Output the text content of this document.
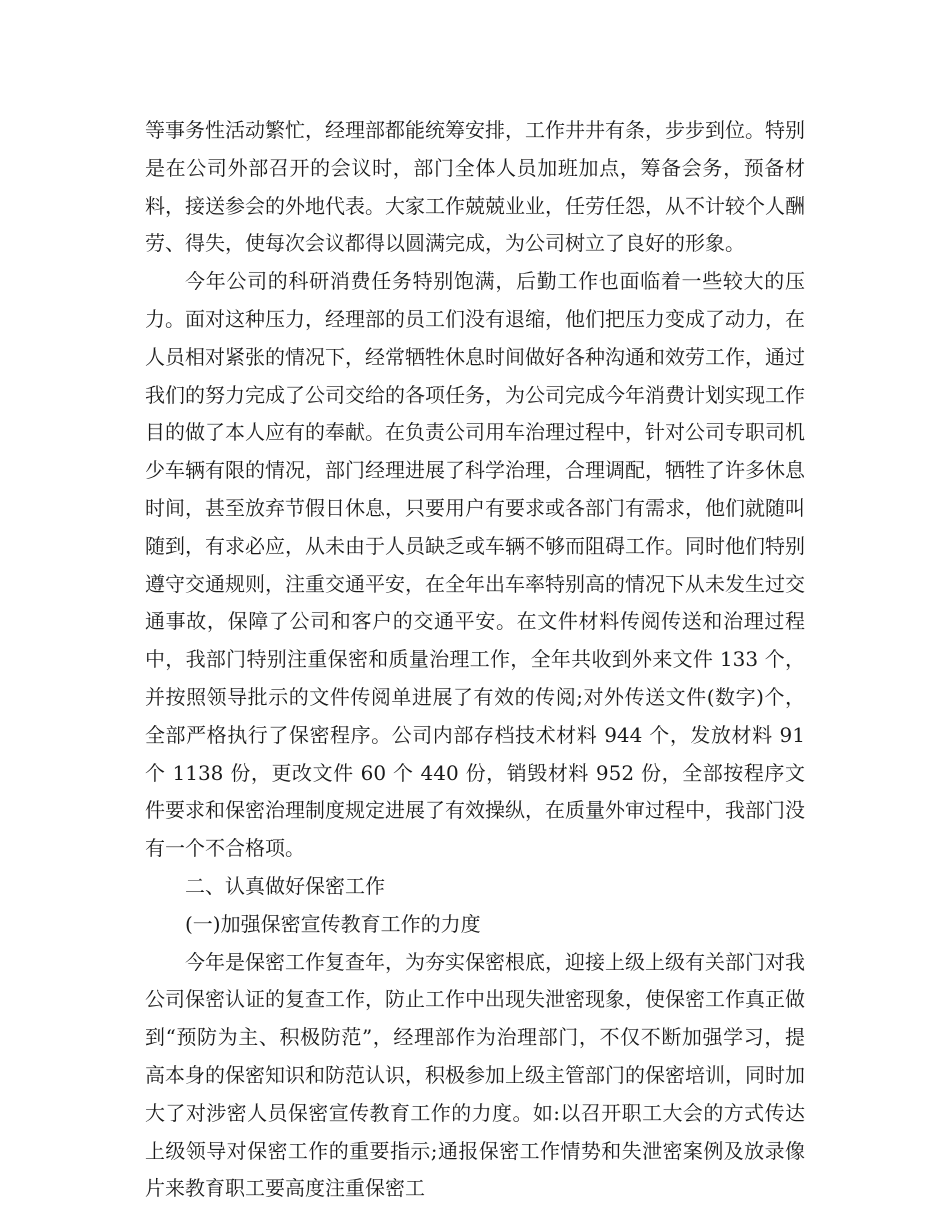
等事务性活动繁忙，经理部都能统筹安排，工作井井有条，步步到位。特别是在公司外部召开的会议时，部门全体人员加班加点，筹备会务，预备材料，接送参会的外地代表。大家工作兢兢业业，任劳任怨，从不计较个人酬劳、得失，使每次会议都得以圆满完成，为公司树立了良好的形象。

今年公司的科研消费任务特别饱满，后勤工作也面临着一些较大的压力。面对这种压力，经理部的员工们没有退缩，他们把压力变成了动力，在人员相对紧张的情况下，经常牺牲休息时间做好各种沟通和效劳工作，通过我们的努力完成了公司交给的各项任务，为公司完成今年消费计划实现工作目的做了本人应有的奉献。在负责公司用车治理过程中，针对公司专职司机少车辆有限的情况，部门经理进展了科学治理，合理调配，牺牲了许多休息时间，甚至放弃节假日休息，只要用户有要求或各部门有需求，他们就随叫随到，有求必应，从未由于人员缺乏或车辆不够而阻碍工作。同时他们特别遵守交通规则，注重交通平安，在全年出车率特别高的情况下从未发生过交通事故，保障了公司和客户的交通平安。在文件材料传阅传送和治理过程中，我部门特别注重保密和质量治理工作，全年共收到外来文件 133 个，并按照领导批示的文件传阅单进展了有效的传阅;对外传送文件(数字)个，全部严格执行了保密程序。公司内部存档技术材料 944 个，发放材料 91 个 1138 份，更改文件 60 个 440 份，销毁材料 952 份，全部按程序文件要求和保密治理制度规定进展了有效操纵，在质量外审过程中，我部门没有一个不合格项。

二、认真做好保密工作

(一)加强保密宣传教育工作的力度

今年是保密工作复查年，为夯实保密根底，迎接上级上级有关部门对我公司保密认证的复查工作，防止工作中出现失泄密现象，使保密工作真正做到“预防为主、积极防范”，经理部作为治理部门，不仅不断加强学习，提高本身的保密知识和防范认识，积极参加上级主管部门的保密培训，同时加大了对涉密人员保密宣传教育工作的力度。如:以召开职工大会的方式传达上级领导对保密工作的重要指示;通报保密工作情势和失泄密案例及放录像片来教育职工要高度注重保密工
